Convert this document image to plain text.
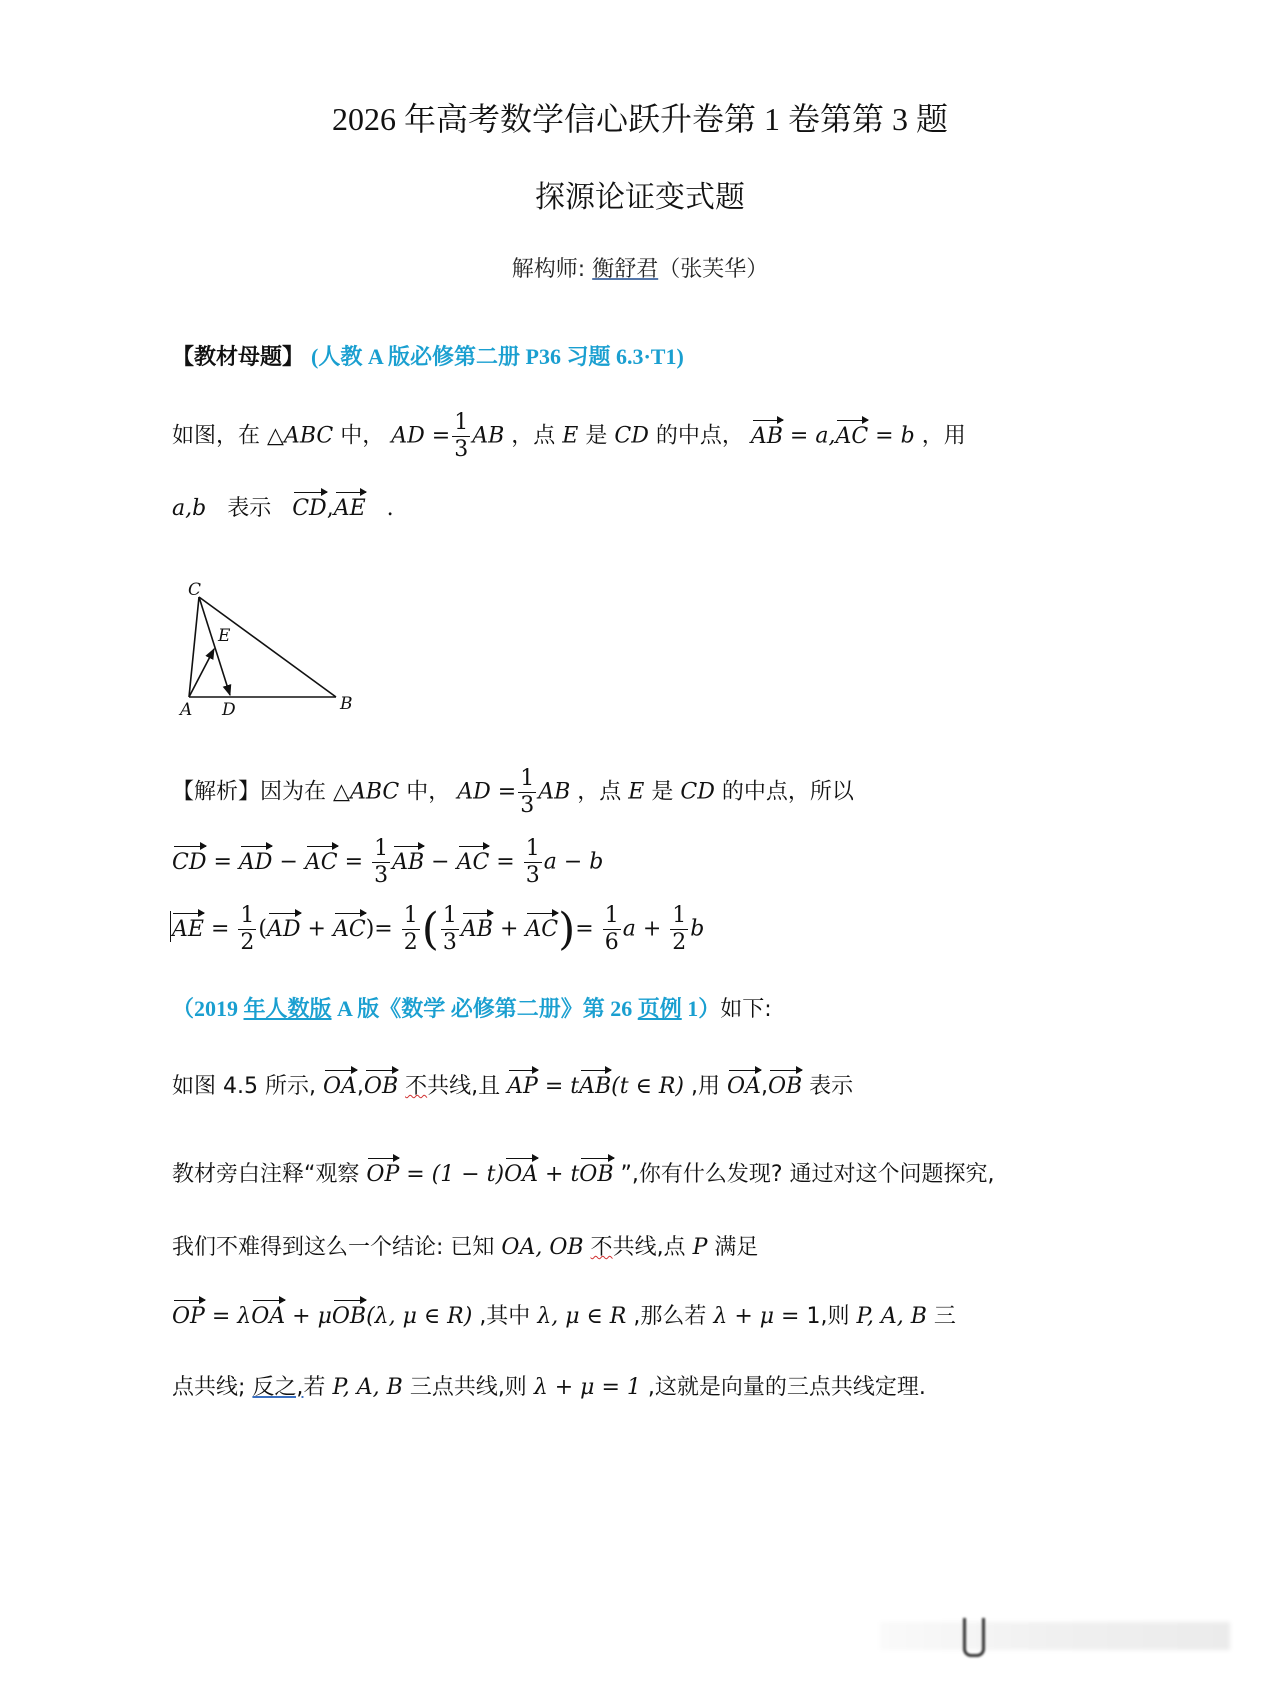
2026 年高考数学信心跃升卷第 1 卷第第 3 题
探源论证变式题
解构师: 衡舒君（张芙华）
【教材母题】 (人教 A 版必修第二册 P36 习题 6.3·T1)
如图，在 △ABC 中， AD = $\frac{1}{3}$ AB ，点 E 是 CD 的中点， AB = a,AC = b ，用
a,b 表示 CD,AE .
C
E
A D	B
【解析】因为在 △ABC 中， AD = $\frac{1}{3}$ AB ，点 E 是 CD 的中点，所以
CD = AD − AC = $\frac{1}{3}$ AB − AC = $\frac{1}{3}$ a − b
AE = $\frac{1}{2} (AD + AC)= \frac{1}{2}$ ( $\frac{1}{3}$ AB + $AC)= \frac{1}{6}$ $a + \frac{1}{2}$ b
（2019 年人数版 A 版《数学 必修第二册》第 26 页例 1）如下:
如图 4.5 所示, OA,OB 不共线,且 AP = tAB(t ∈ R) ,用 OA,OB 表示
教材旁白注释“观察 OP = (1 − t)OA + tOB ”,你有什么发现? 通过对这个问题探究,
我们不难得到这么一个结论: 已知 OA, OB 不共线,点 P 满足
OP = λOA + μOB(λ, μ ∈ R) ,其中 λ, μ ∈ R ,那么若 λ + μ = 1,则 P, A, B 三
点共线; 反之,若 P, A, B 三点共线,则 λ + μ = 1 ,这就是向量的三点共线定理.
